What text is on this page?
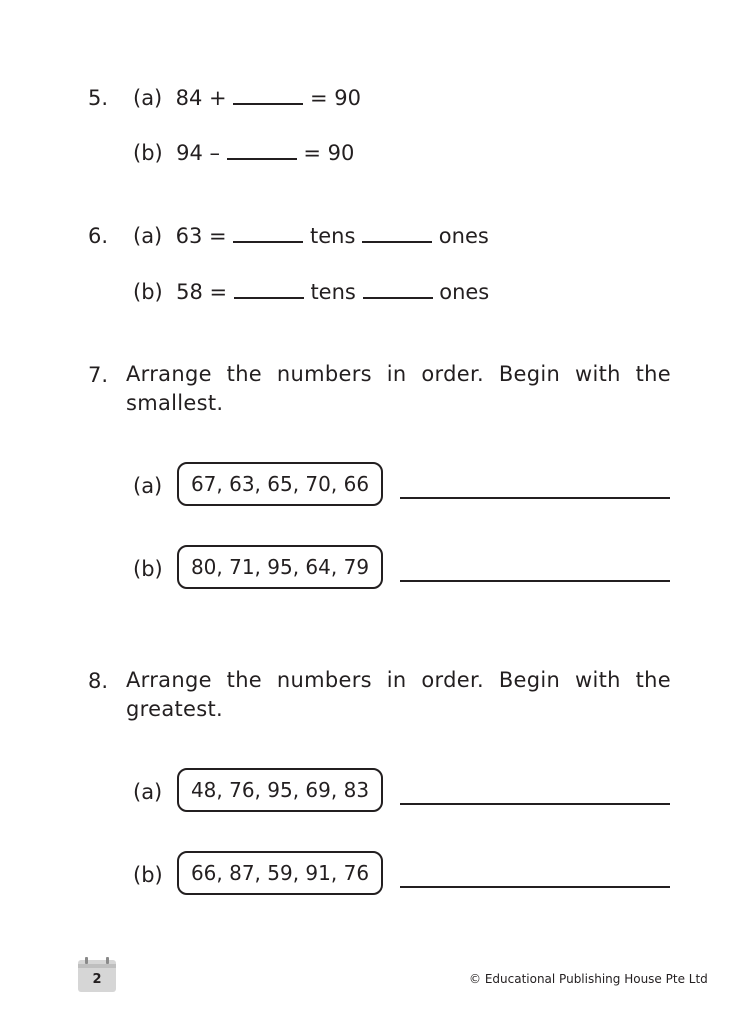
5. (a) 84 +	= 90
(b) 94 –	= 90
6. (a) 63 =	tens	ones
(b) 58 =	tens	ones
7. Arrange the numbers in order. Begin with the
smallest.
(a)	67, 63, 65, 70, 66
(b)	80, 71, 95, 64, 79
8. Arrange the numbers in order. Begin with the
greatest.
(a)	48, 76, 95, 69, 83
(b)	66, 87, 59, 91, 76
2	© Educational Publishing House Pte Ltd
